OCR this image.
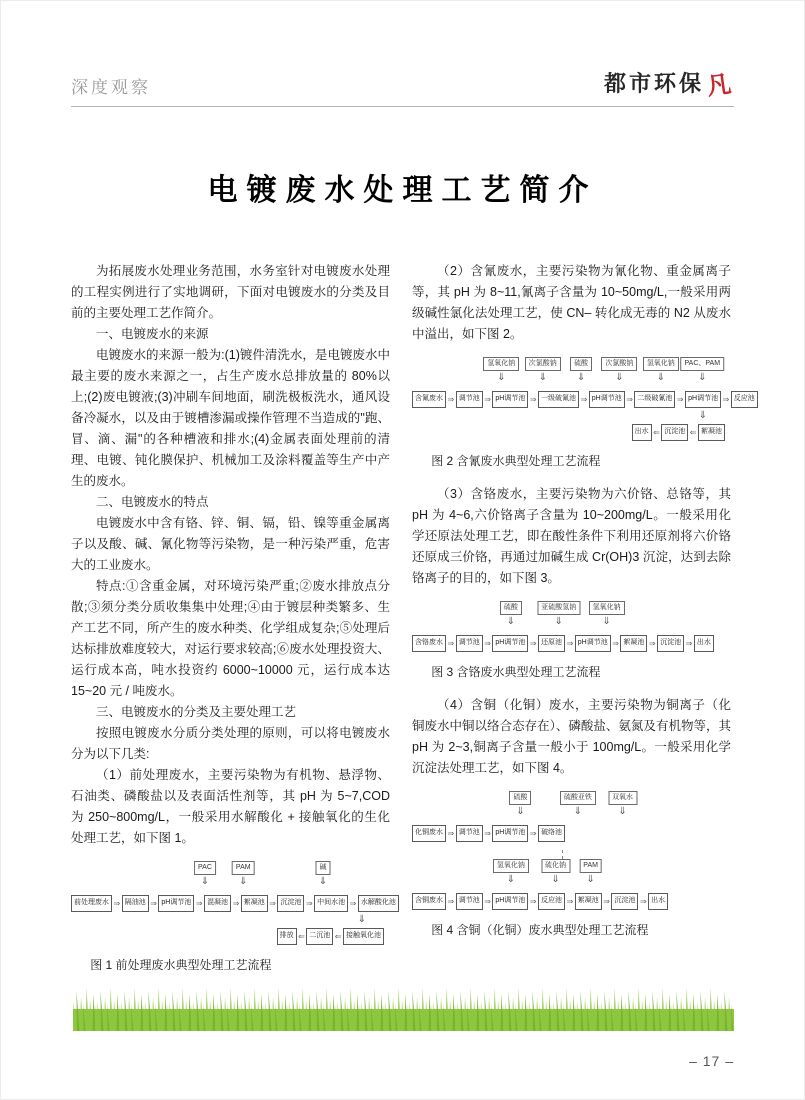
深度观察	都市环保 凡
电镀废水处理工艺简介
为拓展废水处理业务范围，水务室针对电镀废水处理的工程实例进行了实地调研，下面对电镀废水的分类及目前的主要处理工艺作简介。
一、电镀废水的来源
电镀废水的来源一般为:(1)镀件清洗水，是电镀废水中最主要的废水来源之一，占生产废水总排放量的 80%以上;(2)废电镀液;(3)冲刷车间地面，刷洗极板洗水，通风设备冷凝水，以及由于镀槽渗漏或操作管理不当造成的"跑、冒、滴、漏"的各种槽液和排水;(4)金属表面处理前的清理、电镀、钝化膜保护、机械加工及涂料覆盖等生产中产生的废水。
二、电镀废水的特点
电镀废水中含有铬、锌、铜、镉，铅、镍等重金属离子以及酸、碱、氰化物等污染物，是一种污染严重，危害大的工业废水。
特点:①含重金属，对环境污染严重;②废水排放点分散;③须分类分质收集集中处理;④由于镀层种类繁多、生产工艺不同，所产生的废水种类、化学组成复杂;⑤处理后达标排放难度较大，对运行要求较高;⑥废水处理投资大、运行成本高，吨水投资约 6000~10000 元，运行成本达 15~20 元 / 吨废水。
三、电镀废水的分类及主要处理工艺
按照电镀废水分质分类处理的原则，可以将电镀废水分为以下几类:
（1）前处理废水，主要污染物为有机物、悬浮物、石油类、磷酸盐以及表面活性剂等，其 pH 为 5~7,COD 为 250~800mg/L，一般采用水解酸化 + 接触氧化的生化处理工艺，如下图 1。
PAC
⇓
PAM
⇓
碱
⇓
前处理废水 ⇒ 隔油池 ⇒ pH调节池 ⇒ 混凝池 ⇒ 絮凝池 ⇒ 沉淀池 ⇒ 中间水池 ⇒ 水解酸化池
⇓
排放 ⇐ 二沉池 ⇐ 接触氧化池
图 1 前处理废水典型处理工艺流程
（2）含氰废水，主要污染物为氰化物、重金属离子等，其 pH 为 8~11,氰离子含量为 10~50mg/L,一般采用两级碱性氯化法处理工艺，使 CN– 转化成无毒的 N2 从废水中溢出，如下图 2。
氢氧化钠
⇓
次氯酸钠
⇓
硫酸
⇓
次氯酸钠
⇓
氢氧化钠
⇓
PAC、PAM
⇓
含氰废水 ⇒ 调节池 ⇒ pH调节池 ⇒ 一级破氰池 ⇒ pH调节池 ⇒ 二级破氰池 ⇒ pH调节池 ⇒ 反应池
⇓
出水 ⇐ 沉淀池 ⇐ 絮凝池
图 2 含氰废水典型处理工艺流程
（3）含铬废水，主要污染物为六价铬、总铬等，其 pH 为 4~6,六价铬离子含量为 10~200mg/L。一般采用化学还原法处理工艺，即在酸性条件下利用还原剂将六价铬还原成三价铬，再通过加碱生成 Cr(OH)3 沉淀，达到去除铬离子的目的，如下图 3。
硫酸
⇓
亚硫酸氢钠
⇓
氢氧化钠
⇓
含铬废水 ⇒ 调节池 ⇒ pH调节池 ⇒ 还原池 ⇒ pH调节池 ⇒ 絮凝池 ⇒ 沉淀池 ⇒ 出水
图 3 含铬废水典型处理工艺流程
（4）含铜（化铜）废水，主要污染物为铜离子（化铜废水中铜以络合态存在）、磷酸盐、氨氮及有机物等，其 pH 为 2~3,铜离子含量一般小于 100mg/L。一般采用化学沉淀法处理工艺，如下图 4。
硫酸
⇓
硫酸亚铁
⇓
双氧水
⇓
化铜废水 ⇒ 调节池 ⇒ pH调节池 ⇒ 破络池
氢氧化钠
⇓
硫化钠
⇓
PAM
⇓
含铜废水 ⇒ 调节池 ⇒ pH调节池 ⇒ 反应池 ⇒ 絮凝池 ⇒ 沉淀池 ⇒ 出水
图 4 含铜（化铜）废水典型处理工艺流程
– 17 –
